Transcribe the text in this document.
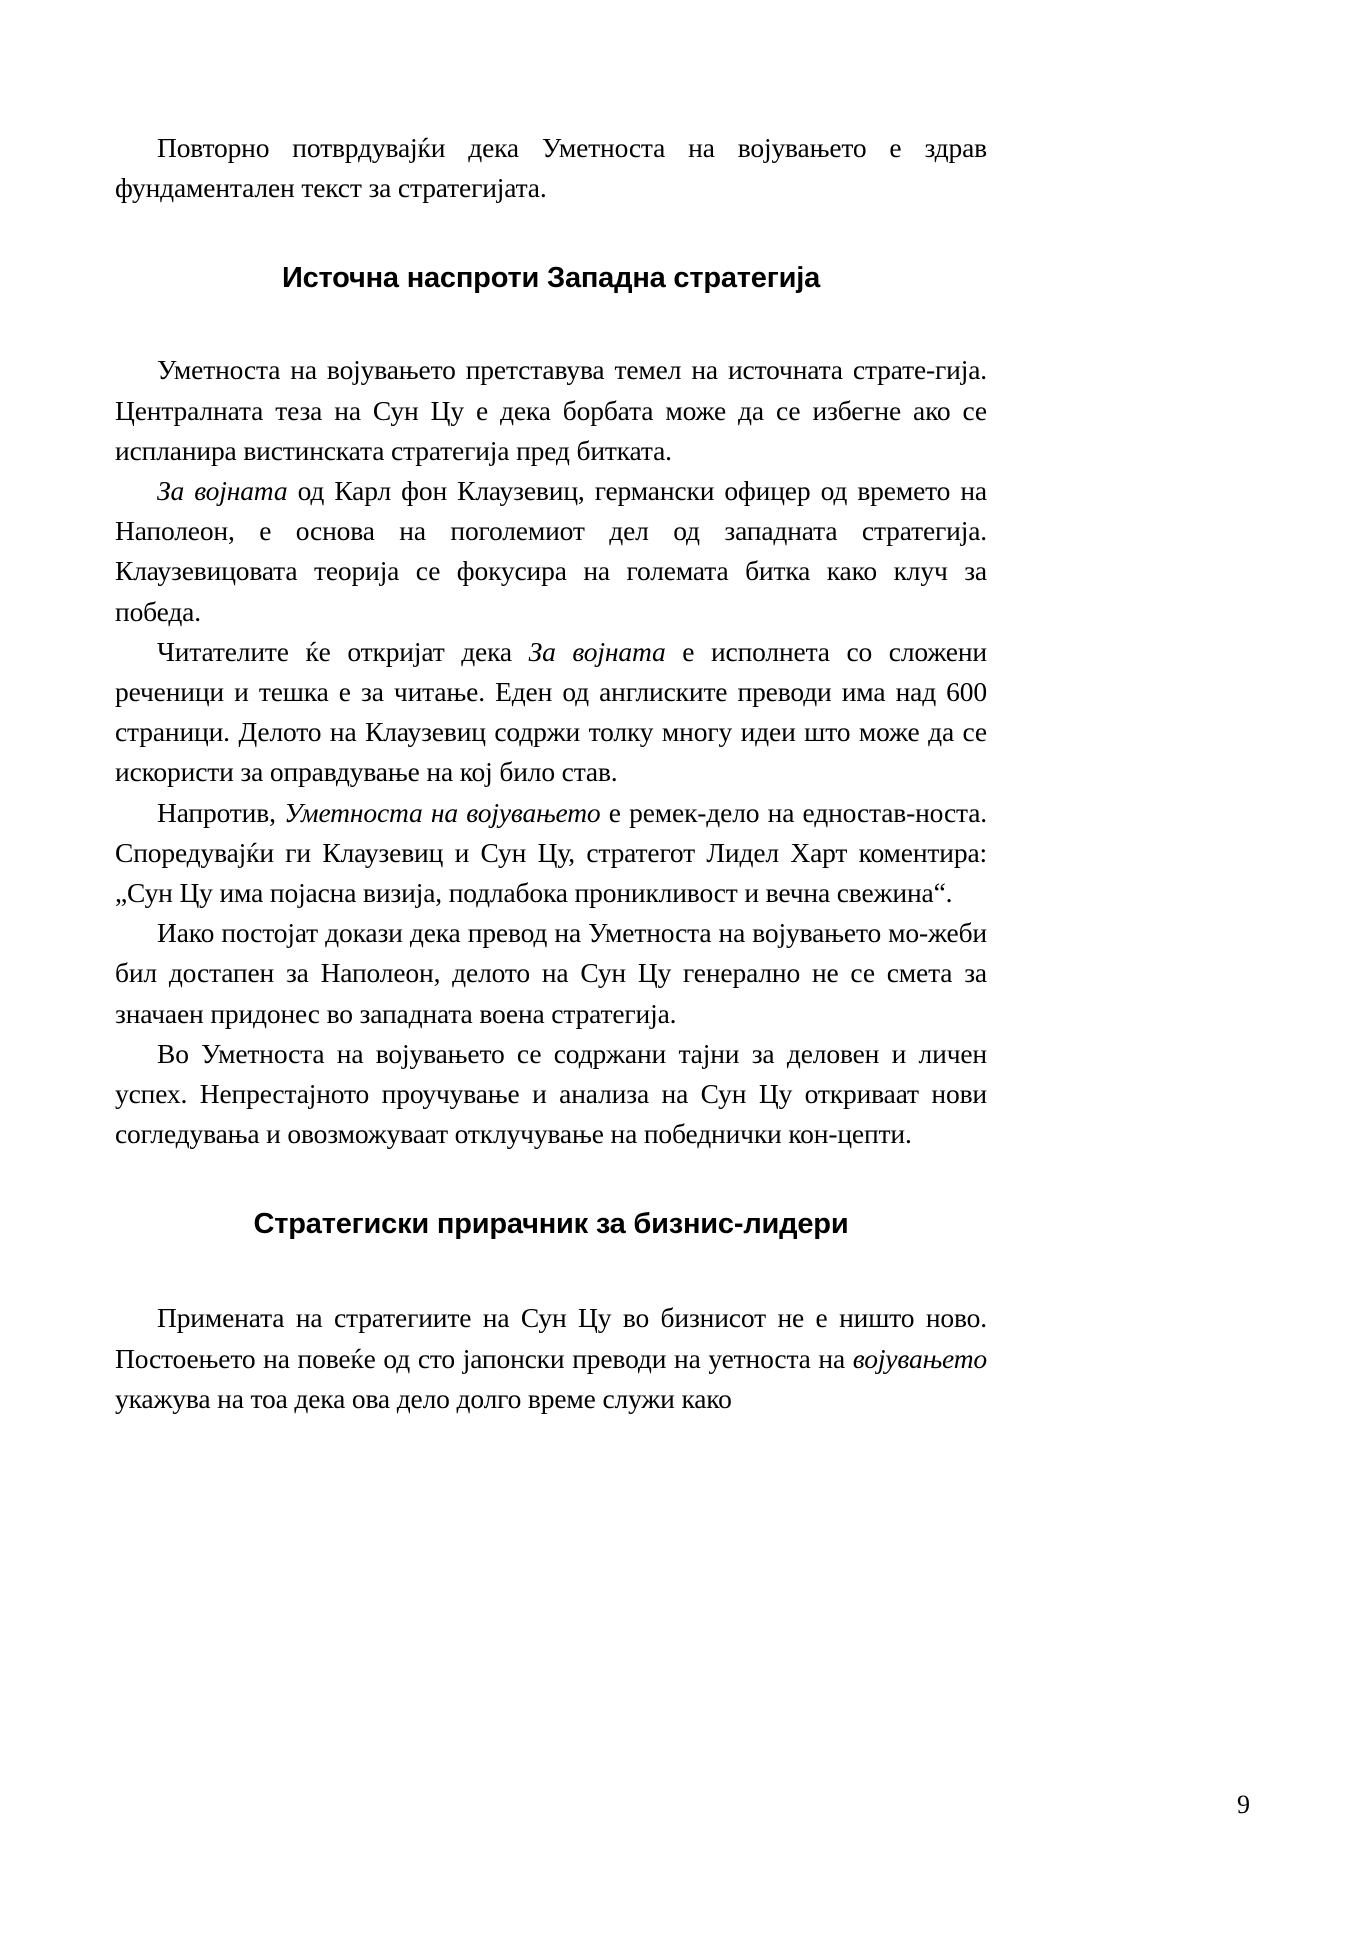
Повторно потврдувајќи дека Уметноста на војувањето е здрав фундаментален текст за стратегијата.

Источна наспроти Западна стратегија

Уметноста на војувањето претставува темел на источната страте-гија. Централната теза на Сун Цу е дека борбата може да се избегне ако се испланира вистинската стратегија пред битката.

За војната од Карл фон Клаузевиц, германски офицер од времето на Наполеон, е основа на поголемиот дел од западната стратегија. Клаузевицовата теорија се фокусира на големата битка како клуч за победа.

Читателите ќе откријат дека За војната е исполнета со сложени реченици и тешка е за читање. Еден од англиските преводи има над 600 страници. Делото на Клаузевиц содржи толку многу идеи што може да се искористи за оправдување на кој било став.

Напротив, Уметноста на војувањето е ремек-дело на едностав-носта. Споредувајќи ги Клаузевиц и Сун Цу, стратегот Лидел Харт коментира: „Сун Цу има појасна визија, подлабока проникливост и вечна свежина“.

Иако постојат докази дека превод на Уметноста на војувањето мо-жеби бил достапен за Наполеон, делото на Сун Цу генерално не се смета за значаен придонес во западната воена стратегија.

Во Уметноста на војувањето се содржани тајни за деловен и личен успех. Непрестајното проучување и анализа на Сун Цу откриваат нови согледувања и овозможуваат отклучување на победнички кон-цепти.

Стратегиски прирачник за бизнис-лидери

Примената на стратегиите на Сун Цу во бизнисот не е ништо ново. Постоењето на повеќе од сто јапонски преводи на уетноста на војувањето укажува на тоа дека ова дело долго време служи како

9
